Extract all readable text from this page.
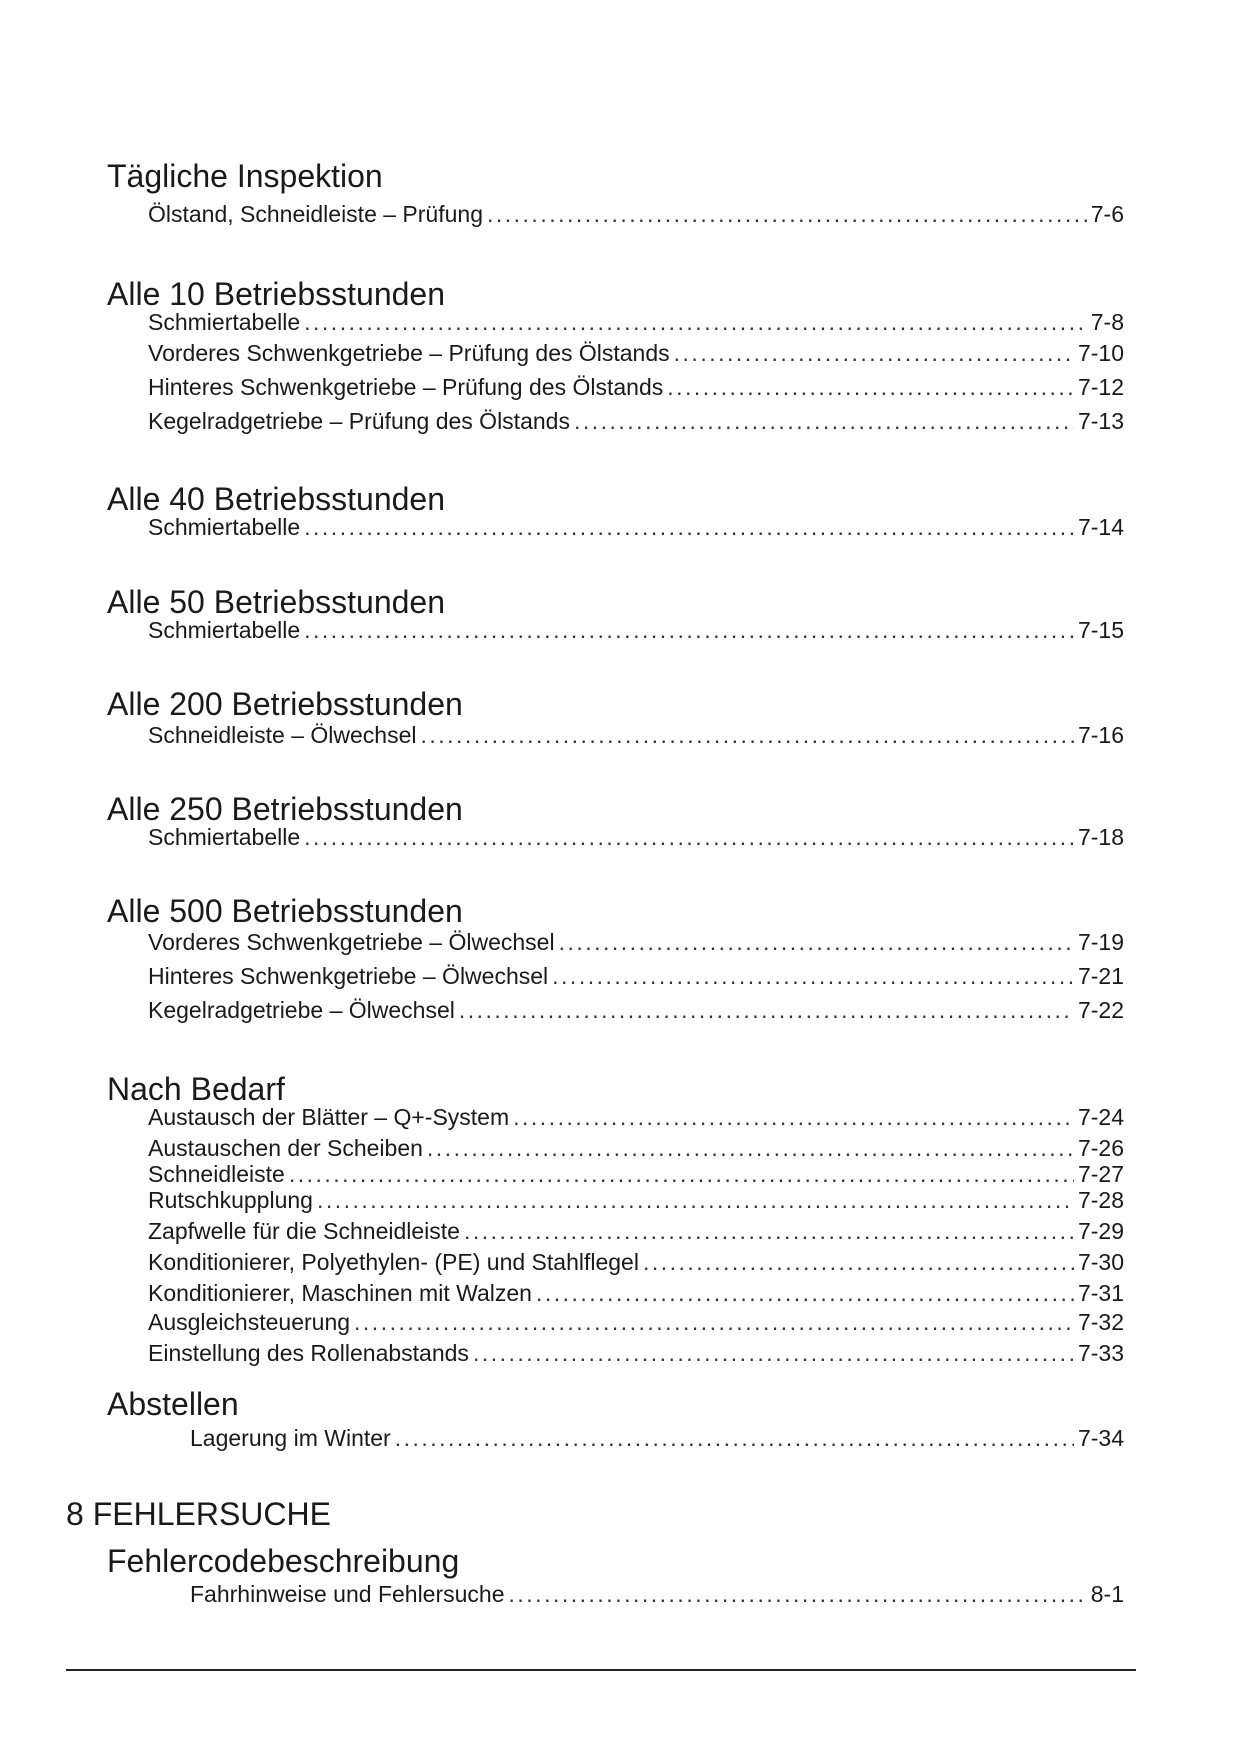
Tägliche Inspektion
Ölstand, Schneidleiste – Prüfung .....	7-6
Alle 10 Betriebsstunden
Schmiertabelle .....	7-8
Vorderes Schwenkgetriebe – Prüfung des Ölstands .....	7-10
Hinteres Schwenkgetriebe – Prüfung des Ölstands .....	7-12
Kegelradgetriebe – Prüfung des Ölstands .....	7-13
Alle 40 Betriebsstunden
Schmiertabelle .....	7-14
Alle 50 Betriebsstunden
Schmiertabelle .....	7-15
Alle 200 Betriebsstunden
Schneidleiste – Ölwechsel .....	7-16
Alle 250 Betriebsstunden
Schmiertabelle .....	7-18
Alle 500 Betriebsstunden
Vorderes Schwenkgetriebe – Ölwechsel .....	7-19
Hinteres Schwenkgetriebe – Ölwechsel .....	7-21
Kegelradgetriebe – Ölwechsel .....	7-22
Nach Bedarf
Austausch der Blätter – Q+-System .....	7-24
Austauschen der Scheiben .....	7-26
Schneidleiste .....	7-27
Rutschkupplung .....	7-28
Zapfwelle für die Schneidleiste .....	7-29
Konditionierer, Polyethylen- (PE) und Stahlflegel .....	7-30
Konditionierer, Maschinen mit Walzen .....	7-31
Ausgleichsteuerung .....	7-32
Einstellung des Rollenabstands .....	7-33
Abstellen
Lagerung im Winter .....	7-34
8 FEHLERSUCHE
Fehlercodebeschreibung
Fahrhinweise und Fehlersuche .....	8-1
